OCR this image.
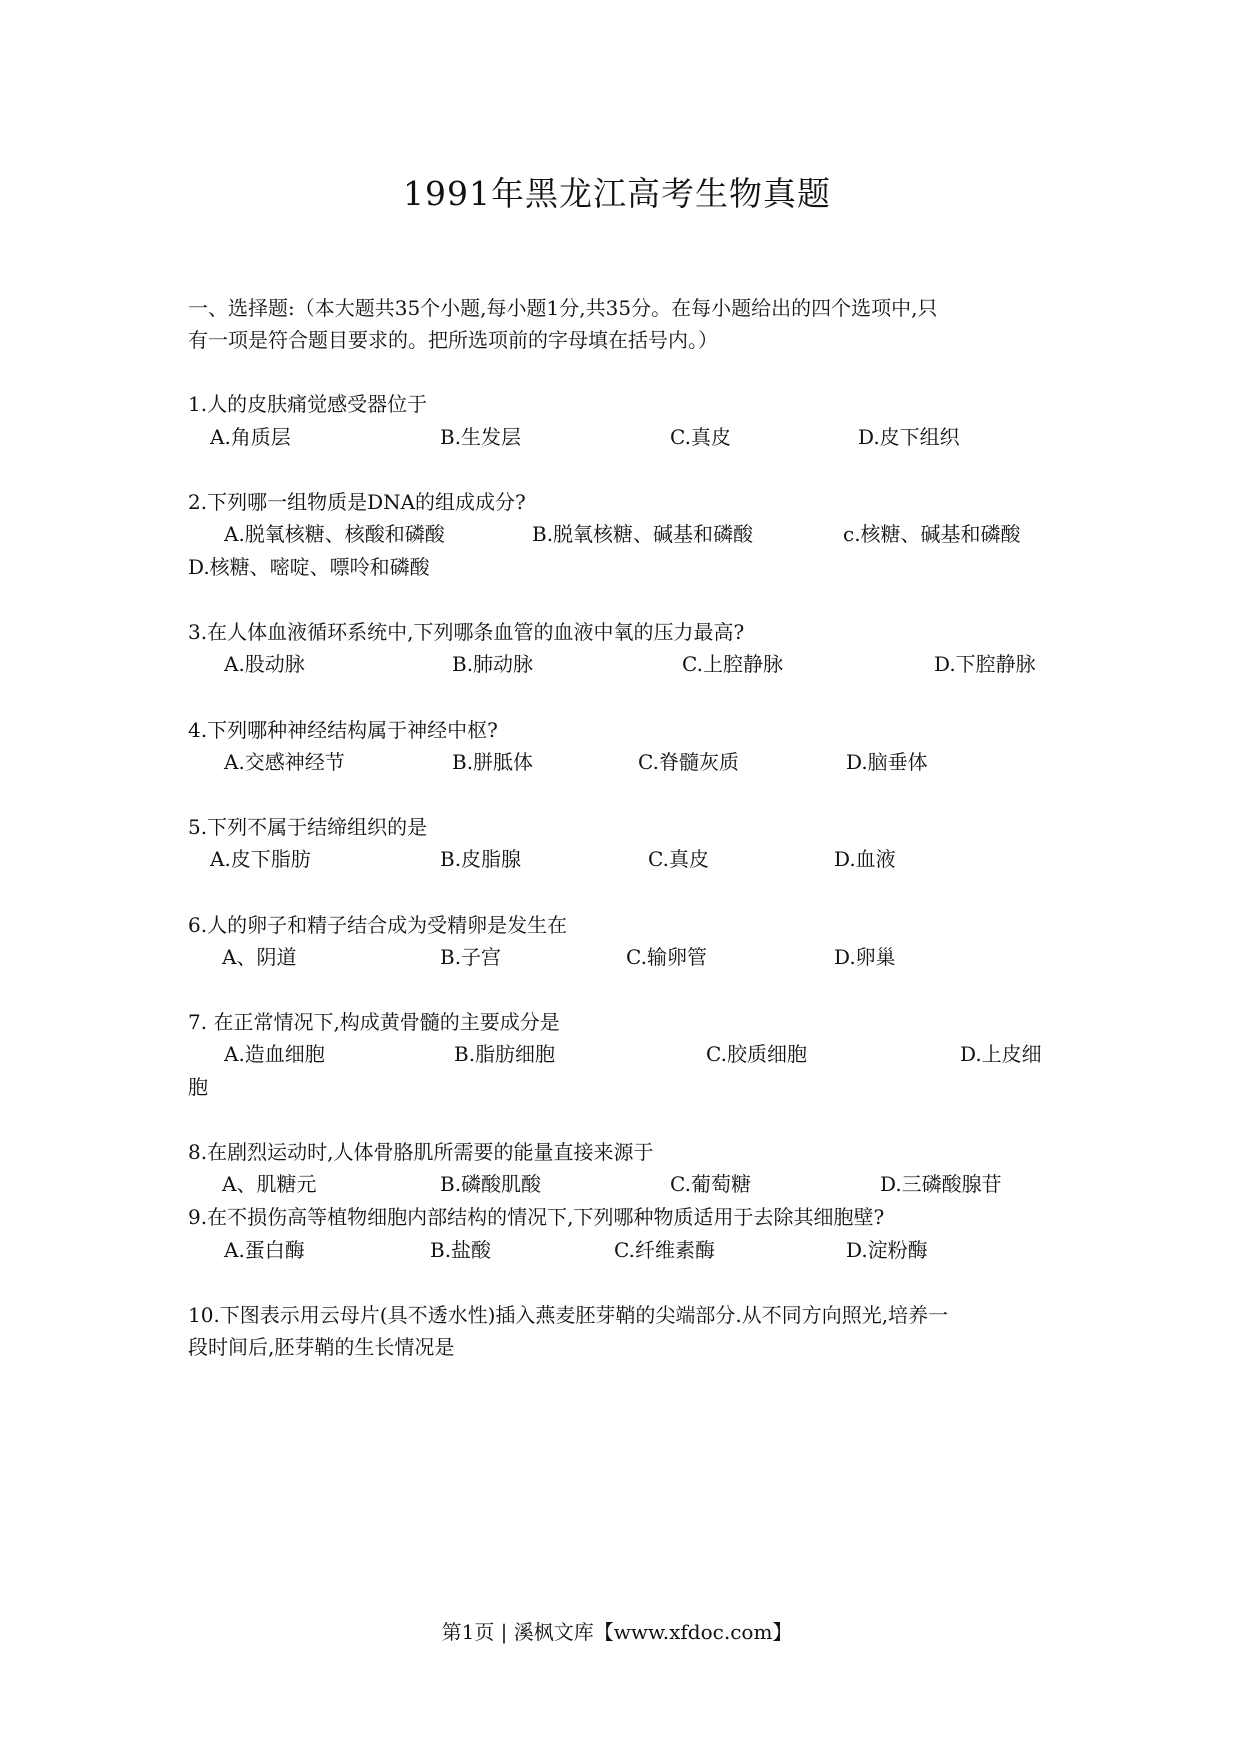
1991年黑龙江高考生物真题
一、选择题:（本大题共35个小题,每小题1分,共35分。在每小题给出的四个选项中,只
有一项是符合题目要求的。把所选项前的字母填在括号内。）
1.人的皮肤痛觉感受器位于
A.角质层	B.生发层	C.真皮	D.皮下组织
2.下列哪一组物质是DNA的组成成分?
A.脱氧核糖、核酸和磷酸	B.脱氧核糖、碱基和磷酸	c.核糖、碱基和磷酸
D.核糖、嘧啶、嘌呤和磷酸
3.在人体血液循环系统中,下列哪条血管的血液中氧的压力最高?
A.股动脉	B.肺动脉	C.上腔静脉	D.下腔静脉
4.下列哪种神经结构属于神经中枢?
A.交感神经节	B.胼胝体	C.脊髓灰质	D.脑垂体
5.下列不属于结缔组织的是
A.皮下脂肪	B.皮脂腺	C.真皮	D.血液
6.人的卵子和精子结合成为受精卵是发生在
A、阴道	B.子宫	C.输卵管	D.卵巢
7. 在正常情况下,构成黄骨髓的主要成分是
A.造血细胞	B.脂肪细胞	C.胶质细胞	D.上皮细
胞
8.在剧烈运动时,人体骨胳肌所需要的能量直接来源于
A、肌糖元	B.磷酸肌酸	C.葡萄糖	D.三磷酸腺苷
9.在不损伤高等植物细胞内部结构的情况下,下列哪种物质适用于去除其细胞壁?
A.蛋白酶	B.盐酸	C.纤维素酶	D.淀粉酶
10.下图表示用云母片(具不透水性)插入燕麦胚芽鞘的尖端部分.从不同方向照光,培养一
段时间后,胚芽鞘的生长情况是
第1页 | 溪枫文库【www.xfdoc.com】
